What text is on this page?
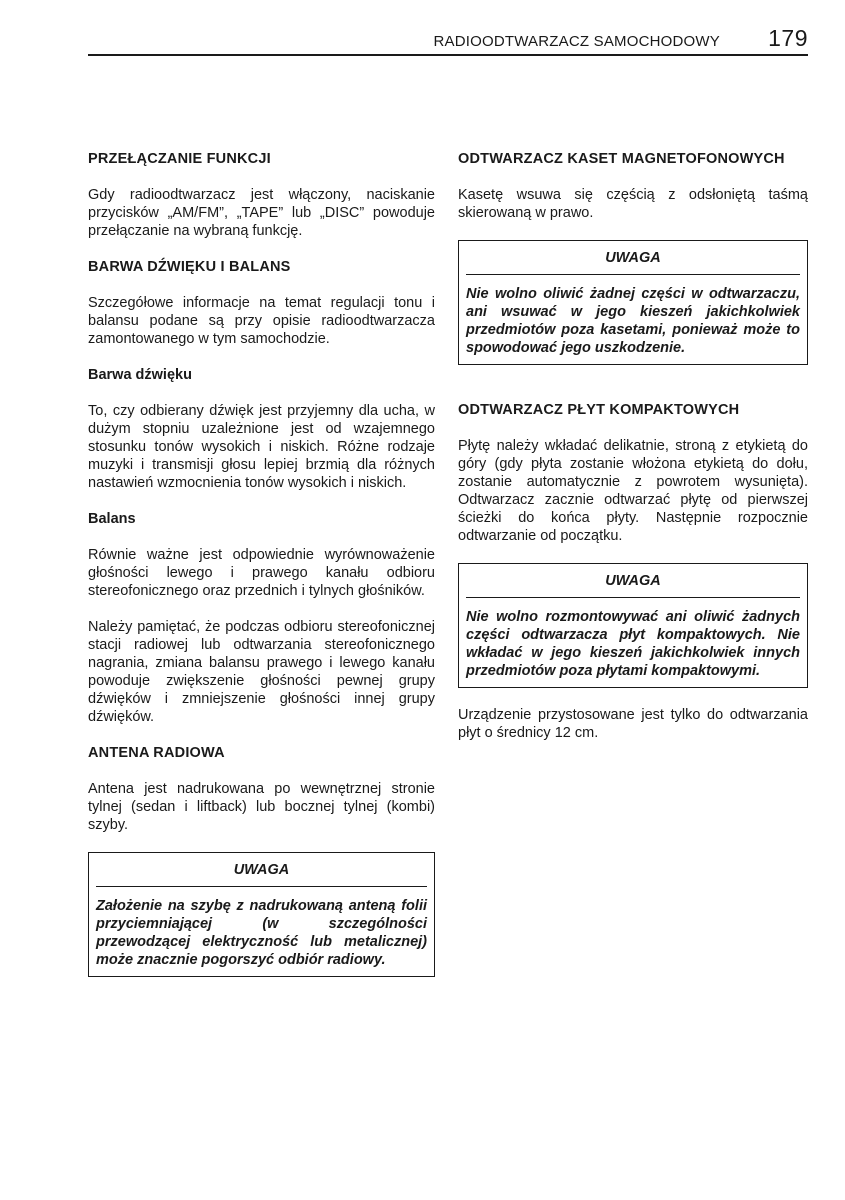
RADIOODTWARZACZ SAMOCHODOWY 179
PRZEŁĄCZANIE FUNKCJI

Gdy radioodtwarzacz jest włączony, naciskanie przycisków „AM/FM”, „TAPE” lub „DISC” powoduje przełączanie na wybraną funkcję.

BARWA DŹWIĘKU I BALANS

Szczegółowe informacje na temat regulacji tonu i balansu podane są przy opisie radioodtwarzacza zamontowanego w tym samochodzie.

Barwa dźwięku

To, czy odbierany dźwięk jest przyjemny dla ucha, w dużym stopniu uzależnione jest od wzajemnego stosunku tonów wysokich i niskich. Różne rodzaje muzyki i transmisji głosu lepiej brzmią dla różnych nastawień wzmocnienia tonów wysokich i niskich.

Balans

Równie ważne jest odpowiednie wyrównoważenie głośności lewego i prawego kanału odbioru stereofonicznego oraz przednich i tylnych głośników.

Należy pamiętać, że podczas odbioru stereofonicznej stacji radiowej lub odtwarzania stereofonicznego nagrania, zmiana balansu prawego i lewego kanału powoduje zwiększenie głośności pewnej grupy dźwięków i zmniejszenie głośności innej grupy dźwięków.

ANTENA RADIOWA

Antena jest nadrukowana po wewnętrznej stronie tylnej (sedan i liftback) lub bocznej tylnej (kombi) szyby.

UWAGA
Założenie na szybę z nadrukowaną anteną folii przyciemniającej (w szczególności przewodzącej elektryczność lub metalicznej) może znacznie pogorszyć odbiór radiowy.
ODTWARZACZ KASET MAGNETOFONOWYCH

Kasetę wsuwa się częścią z odsłoniętą taśmą skierowaną w prawo.

UWAGA
Nie wolno oliwić żadnej części w odtwarzaczu, ani wsuwać w jego kieszeń jakichkolwiek przedmiotów poza kasetami, ponieważ może to spowodować jego uszkodzenie.
ODTWARZACZ PŁYT KOMPAKTOWYCH

Płytę należy wkładać delikatnie, stroną z etykietą do góry (gdy płyta zostanie włożona etykietą do dołu, zostanie automatycznie z powrotem wysunięta). Odtwarzacz zacznie odtwarzać płytę od pierwszej ścieżki do końca płyty. Następnie rozpocznie odtwarzanie od początku.

UWAGA
Nie wolno rozmontowywać ani oliwić żadnych części odtwarzacza płyt kompaktowych. Nie wkładać w jego kieszeń jakichkolwiek innych przedmiotów poza płytami kompaktowymi.

Urządzenie przystosowane jest tylko do odtwarzania płyt o średnicy 12 cm.
